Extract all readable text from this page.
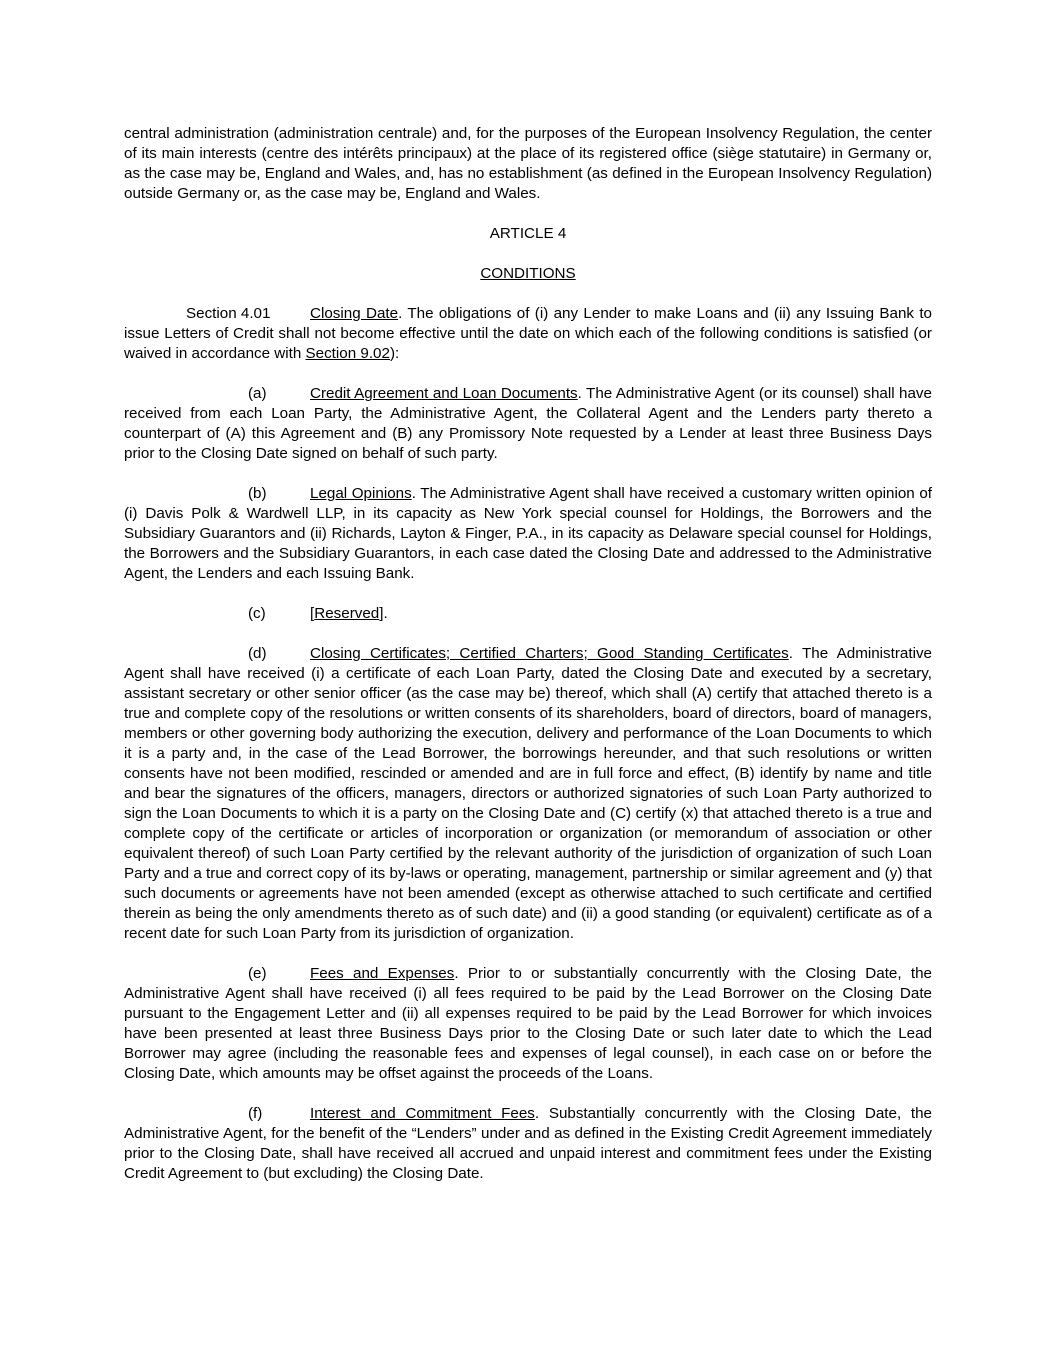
central administration (administration centrale) and, for the purposes of the European Insolvency Regulation, the center of its main interests (centre des intérêts principaux) at the place of its registered office (siège statutaire) in Germany or, as the case may be, England and Wales, and, has no establishment (as defined in the European Insolvency Regulation) outside Germany or, as the case may be, England and Wales.

ARTICLE 4

CONDITIONS

Section 4.01	Closing Date. The obligations of (i) any Lender to make Loans and (ii) any Issuing Bank to issue Letters of Credit shall not become effective until the date on which each of the following conditions is satisfied (or waived in accordance with Section 9.02):

(a)	Credit Agreement and Loan Documents. The Administrative Agent (or its counsel) shall have received from each Loan Party, the Administrative Agent, the Collateral Agent and the Lenders party thereto a counterpart of (A) this Agreement and (B) any Promissory Note requested by a Lender at least three Business Days prior to the Closing Date signed on behalf of such party.

(b)	Legal Opinions. The Administrative Agent shall have received a customary written opinion of (i) Davis Polk & Wardwell LLP, in its capacity as New York special counsel for Holdings, the Borrowers and the Subsidiary Guarantors and (ii) Richards, Layton & Finger, P.A., in its capacity as Delaware special counsel for Holdings, the Borrowers and the Subsidiary Guarantors, in each case dated the Closing Date and addressed to the Administrative Agent, the Lenders and each Issuing Bank.

(c)	[Reserved].

(d)	Closing Certificates; Certified Charters; Good Standing Certificates. The Administrative Agent shall have received (i) a certificate of each Loan Party, dated the Closing Date and executed by a secretary, assistant secretary or other senior officer (as the case may be) thereof, which shall (A) certify that attached thereto is a true and complete copy of the resolutions or written consents of its shareholders, board of directors, board of managers, members or other governing body authorizing the execution, delivery and performance of the Loan Documents to which it is a party and, in the case of the Lead Borrower, the borrowings hereunder, and that such resolutions or written consents have not been modified, rescinded or amended and are in full force and effect, (B) identify by name and title and bear the signatures of the officers, managers, directors or authorized signatories of such Loan Party authorized to sign the Loan Documents to which it is a party on the Closing Date and (C) certify (x) that attached thereto is a true and complete copy of the certificate or articles of incorporation or organization (or memorandum of association or other equivalent thereof) of such Loan Party certified by the relevant authority of the jurisdiction of organization of such Loan Party and a true and correct copy of its by-laws or operating, management, partnership or similar agreement and (y) that such documents or agreements have not been amended (except as otherwise attached to such certificate and certified therein as being the only amendments thereto as of such date) and (ii) a good standing (or equivalent) certificate as of a recent date for such Loan Party from its jurisdiction of organization.

(e)	Fees and Expenses. Prior to or substantially concurrently with the Closing Date, the Administrative Agent shall have received (i) all fees required to be paid by the Lead Borrower on the Closing Date pursuant to the Engagement Letter and (ii) all expenses required to be paid by the Lead Borrower for which invoices have been presented at least three Business Days prior to the Closing Date or such later date to which the Lead Borrower may agree (including the reasonable fees and expenses of legal counsel), in each case on or before the Closing Date, which amounts may be offset against the proceeds of the Loans.

(f)	Interest and Commitment Fees. Substantially concurrently with the Closing Date, the Administrative Agent, for the benefit of the “Lenders” under and as defined in the Existing Credit Agreement immediately prior to the Closing Date, shall have received all accrued and unpaid interest and commitment fees under the Existing Credit Agreement to (but excluding) the Closing Date.
